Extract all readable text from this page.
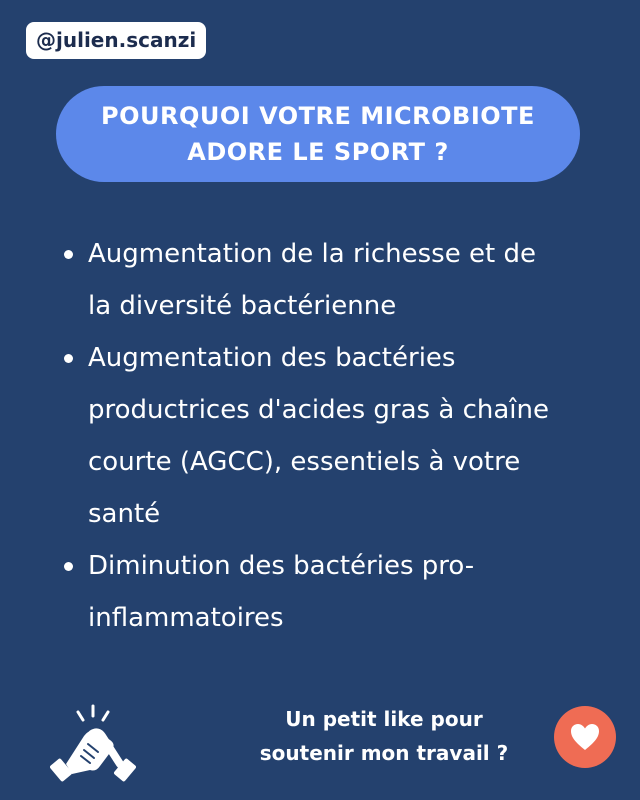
@julien.scanzi
POURQUOI VOTRE MICROBIOTE
ADORE LE SPORT ?
Augmentation de la richesse et de
la diversité bactérienne
Augmentation des bactéries
productrices d'acides gras à chaîne
courte (AGCC), essentiels à votre
santé
Diminution des bactéries pro-
inflammatoires
Un petit like pour
soutenir mon travail ?
